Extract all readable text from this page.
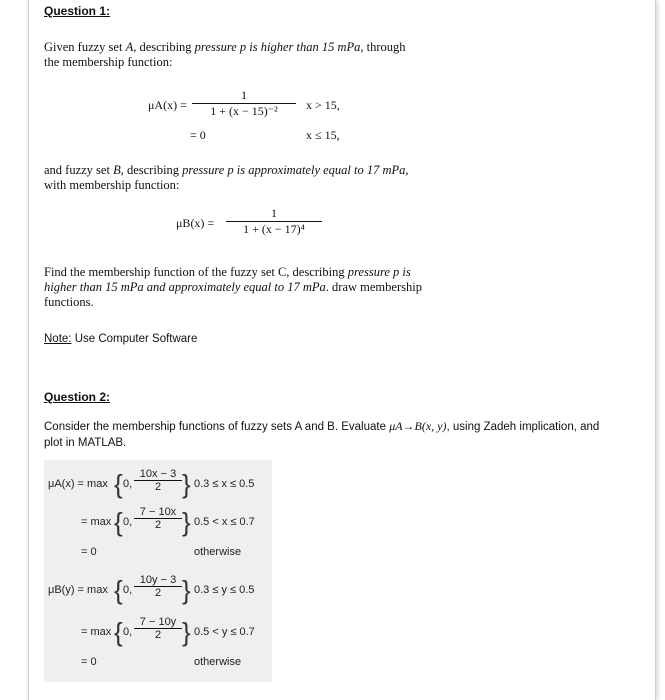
Question 1:
Given fuzzy set A, describing pressure p is higher than 15 mPa, through
the membership function:
$\mu A(x) = \frac{1}{\text{1 + (x − 15)⁻²}}$ x > 15,
= 0	x ≤ 15,
and fuzzy set B, describing pressure p is approximately equal to 17 mPa,
with membership function:
$\mu B(x) = \frac{1}{\text{1 + (x − 17)⁴}}$
Find the membership function of the fuzzy set C, describing pressure p is
higher than 15 mPa and approximately equal to 17 mPa. draw membership
functions.
Note: Use Computer Software
Question 2:
Consider the membership functions of fuzzy sets A and B. Evaluate μA→B(x, y), using Zadeh implication, and
plot in MATLAB.
μA(x) = max { 0, $\frac{10x - 3}{2}$ } 0.3 ≤ x ≤ 0.5
= max { 0, $\frac{7 - 10x}{2}$ } 0.5 < x ≤ 0.7
= 0	otherwise
μB(y) = max { 0, $\frac{10y - 3}{2}$ } 0.3 ≤ y ≤ 0.5
= max { 0, $\frac{7 - 10y}{2}$ } 0.5 < y ≤ 0.7
= 0	otherwise
